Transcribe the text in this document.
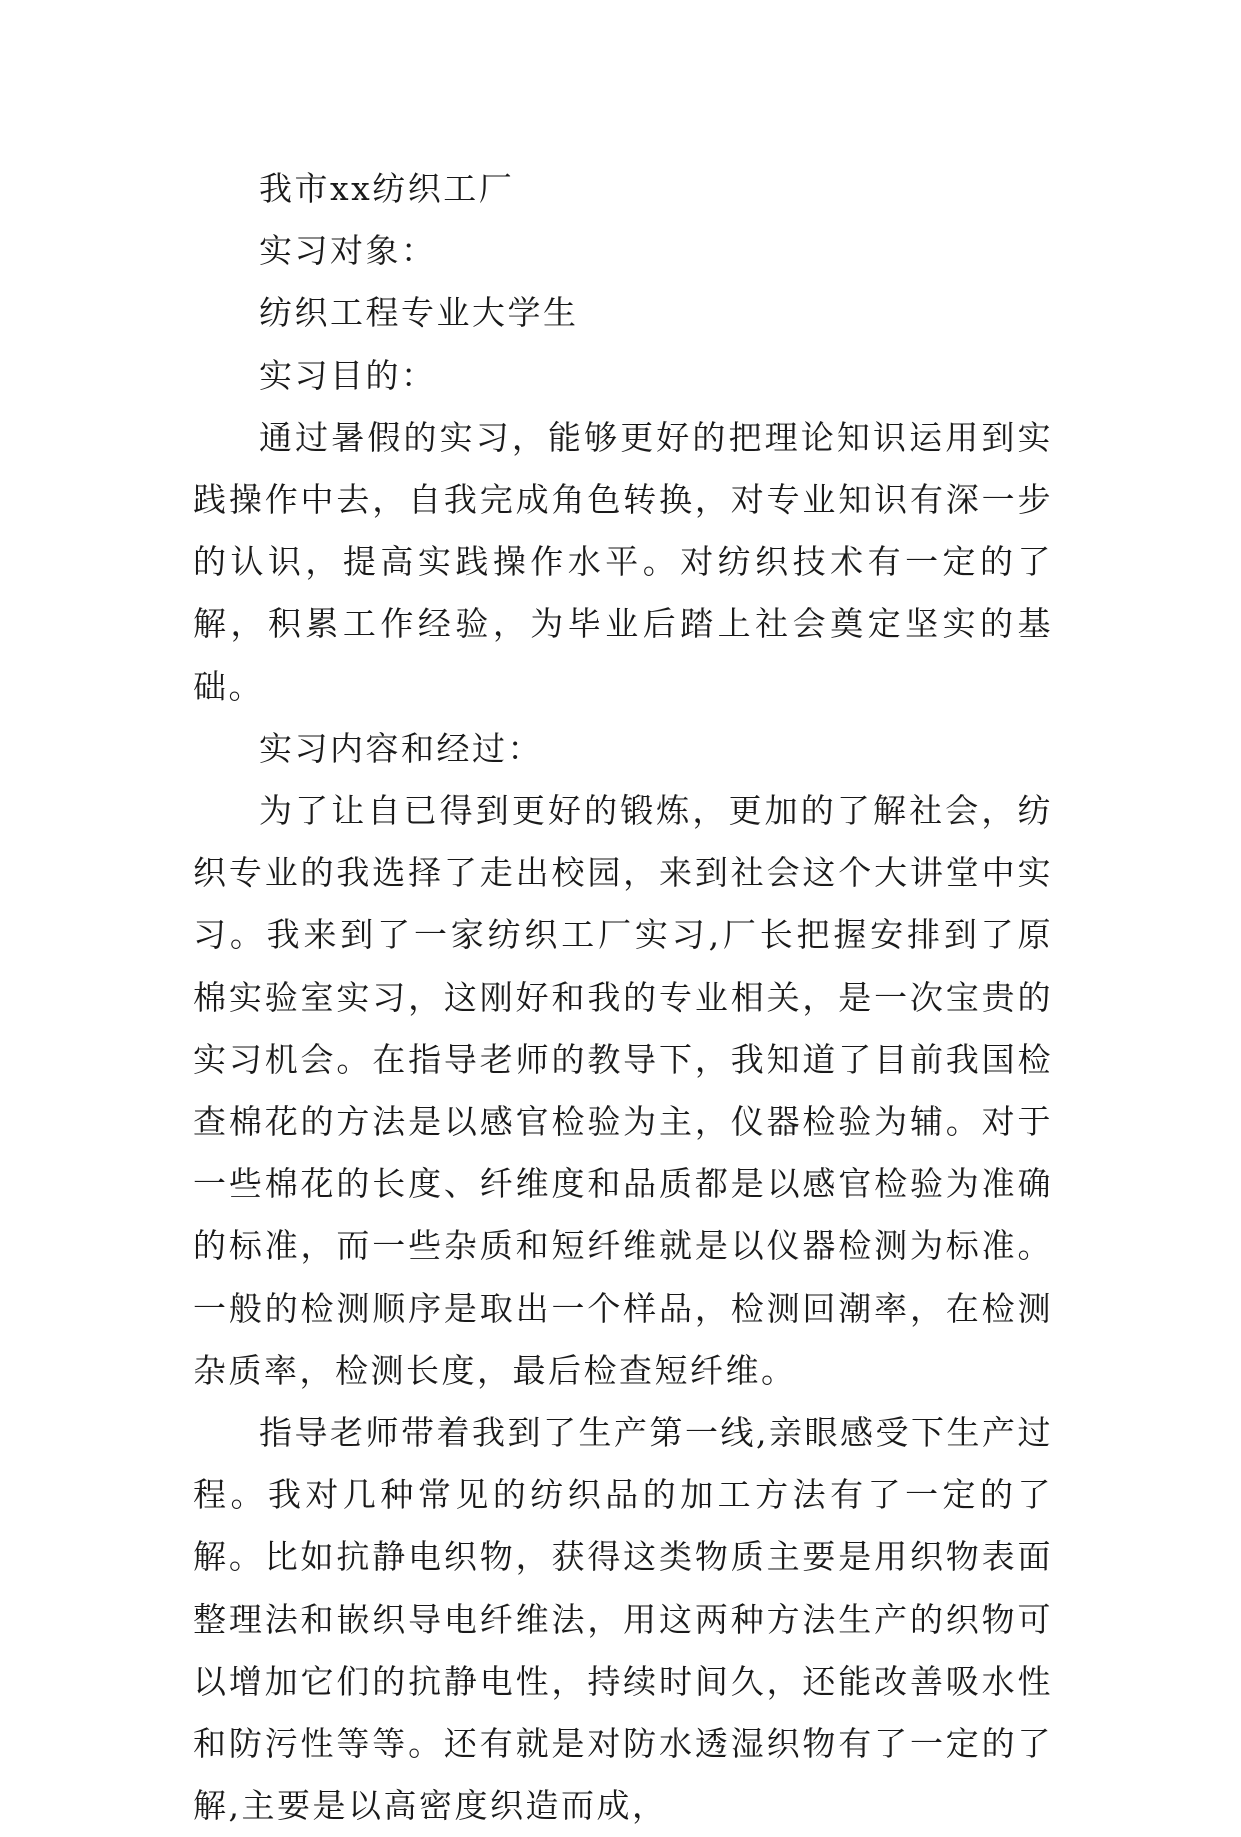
我市xx纺织工厂

实习对象：

纺织工程专业大学生

实习目的：

通过暑假的实习，能够更好的把理论知识运用到实践操作中去，自我完成角色转换，对专业知识有深一步的认识，提高实践操作水平。对纺织技术有一定的了解，积累工作经验，为毕业后踏上社会奠定坚实的基础。

实习内容和经过：

为了让自已得到更好的锻炼，更加的了解社会，纺织专业的我选择了走出校园，来到社会这个大讲堂中实习。我来到了一家纺织工厂实习,厂长把握安排到了原棉实验室实习，这刚好和我的专业相关，是一次宝贵的实习机会。在指导老师的教导下，我知道了目前我国检查棉花的方法是以感官检验为主，仪器检验为辅。对于一些棉花的长度、纤维度和品质都是以感官检验为准确的标准，而一些杂质和短纤维就是以仪器检测为标准。一般的检测顺序是取出一个样品，检测回潮率，在检测杂质率，检测长度，最后检查短纤维。

指导老师带着我到了生产第一线,亲眼感受下生产过程。我对几种常见的纺织品的加工方法有了一定的了解。比如抗静电织物，获得这类物质主要是用织物表面整理法和嵌织导电纤维法，用这两种方法生产的织物可以增加它们的抗静电性，持续时间久，还能改善吸水性和防污性等等。还有就是对防水透湿织物有了一定的了解,主要是以高密度织造而成，
